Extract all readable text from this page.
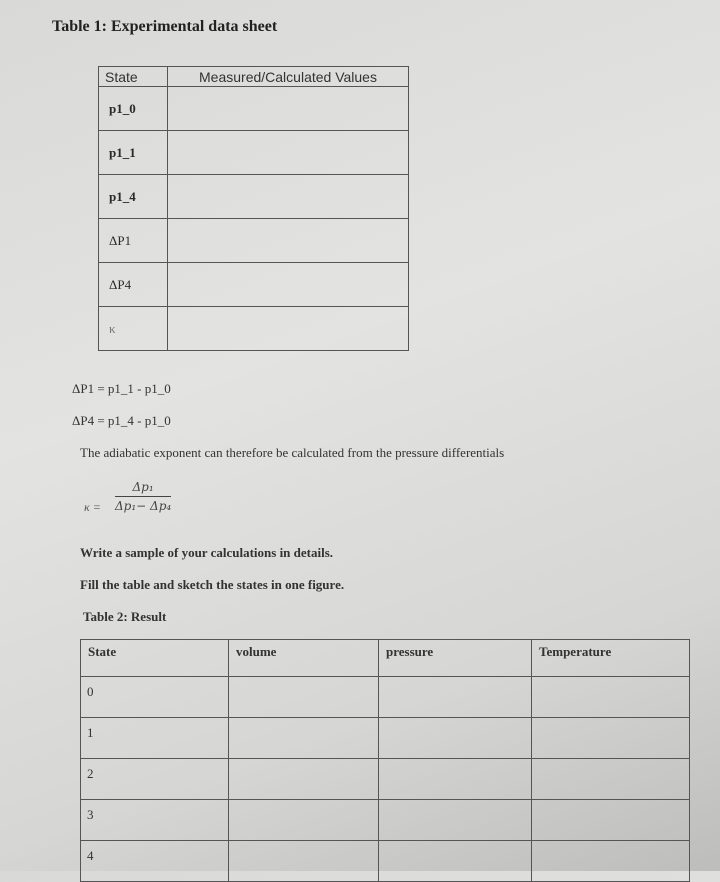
Table 1: Experimental data sheet
State	Measured/Calculated Values
p1_0	
p1_1	
p1_4	
ΔP1	
ΔP4	
κ	
ΔP1 = p1_1 - p1_0
ΔP4 = p1_4 - p1_0
The adiabatic exponent can therefore be calculated from the pressure differentials
$\kappa = \frac{\text{Δp₁}}{\text{Δp₁− Δp₄}}$
Write a sample of your calculations in details.
Fill the table and sketch the states in one figure.
Table 2: Result
State	volume	pressure	Temperature
0			
1			
2			
3			
4			
